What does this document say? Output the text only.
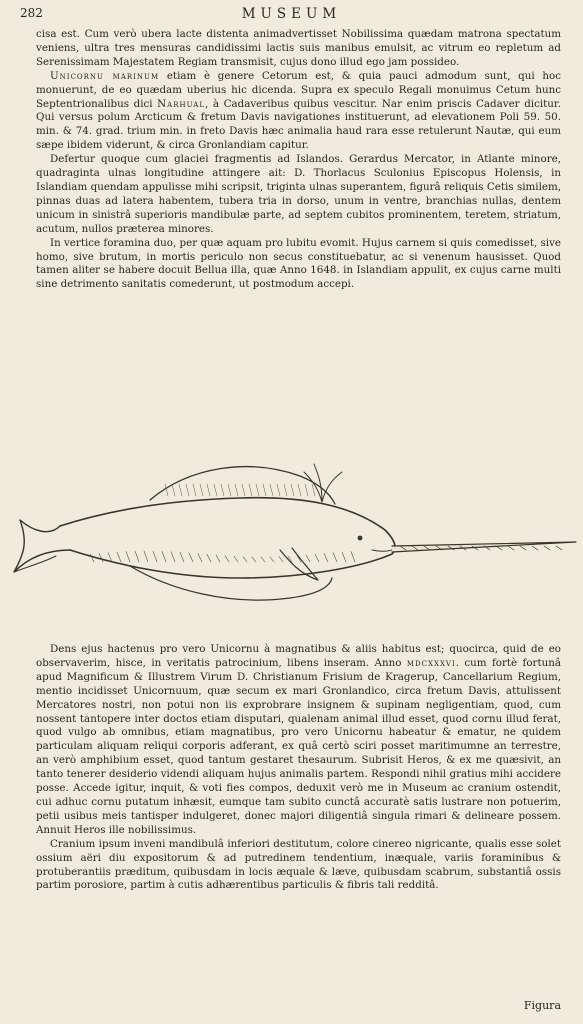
282	MUSEUM

cisa est. Cum verò ubera lacte distenta animadvertisset Nobilissima quædam matrona spectatum veniens, ultra tres mensuras candidissimi lactis suis manibus emulsit, ac vitrum eo repletum ad Serenissimam Majestatem Regiam transmisit, cujus dono illud ego jam possideo.

Unicornu marinum etiam è genere Cetorum est, & quia pauci admodum sunt, qui hoc monuerunt, de eo quædam uberius hic dicenda. Supra ex speculo Regali monuimus Cetum hunc Septentrionalibus dici Narhual, à Cadaveribus quibus vescitur. Nar enim priscis Cadaver dicitur. Qui versus polum Arcticum & fretum Davis navigationes instituerunt, ad elevationem Poli 59. 50. min. & 74. grad. trium min. in freto Davis hæc animalia haud rara esse retulerunt Nautæ, qui eum sæpe ibidem viderunt, & circa Gronlandiam capitur.

Defertur quoque cum glaciei fragmentis ad Islandos. Gerardus Mercator, in Atlante minore, quadraginta ulnas longitudine attingere ait: D. Thorlacus Sculonius Episcopus Holensis, in Islandiam quendam appulisse mihi scripsit, triginta ulnas superantem, figurâ reliquis Cetis similem, pinnas duas ad latera habentem, tubera tria in dorso, unum in ventre, branchias nullas, dentem unicum in sinistrâ superioris mandibulæ parte, ad septem cubitos prominentem, teretem, striatum, acutum, nullos præterea minores.

In vertice foramina duo, per quæ aquam pro lubitu evomit. Hujus carnem si quis comedisset, sive homo, sive brutum, in mortis periculo non secus constituebatur, ac si venenum hausisset. Quod tamen aliter se habere docuit Bellua illa, quæ Anno 1648. in Islandiam appulit, ex cujus carne multi sine detrimento sanitatis comederunt, ut postmodum accepi.

Dens ejus hactenus pro vero Unicornu à magnatibus & aliis habitus est; quocirca, quid de eo observaverim, hisce, in veritatis patrocinium, libens inseram. Anno mdcxxxvi. cum fortè fortunâ apud Magnificum & Illustrem Virum D. Christianum Frisium de Kragerup, Cancellarium Regium, mentio incidisset Unicornuum, quæ secum ex mari Gronlandico, circa fretum Davis, attulissent Mercatores nostri, non potui non iis exprobrare insignem & supinam negligentiam, quod, cum nossent tantopere inter doctos etiam disputari, qualenam animal illud esset, quod cornu illud ferat, quod vulgo ab omnibus, etiam magnatibus, pro vero Unicornu habeatur & ematur, ne quidem particulam aliquam reliqui corporis adferant, ex quâ certò sciri posset maritimumne an terrestre, an verò amphibium esset, quod tantum gestaret thesaurum. Subrisit Heros, & ex me quæsivit, an tanto tenerer desiderio videndi aliquam hujus animalis partem. Respondi nihil gratius mihi accidere posse. Accede igitur, inquit, & voti fies compos, deduxit verò me in Museum ac cranium ostendit, cui adhuc cornu putatum inhæsit, eumque tam subito cunctâ accuratè satis lustrare non potuerim, petii usibus meis tantisper indulgeret, donec majori diligentiâ singula rimari & delineare possem. Annuit Heros ille nobilissimus.

Cranium ipsum inveni mandibulâ inferiori destitutum, colore cinereo nigricante, qualis esse solet ossium aëri diu expositorum & ad putredinem tendentium, inæquale, variis foraminibus & protuberantiis præditum, quibusdam in locis æquale & læve, quibusdam scabrum, substantiâ ossis partim porosiore, partim à cutis adhærentibus particulis & fibris tali redditâ.

Figura
